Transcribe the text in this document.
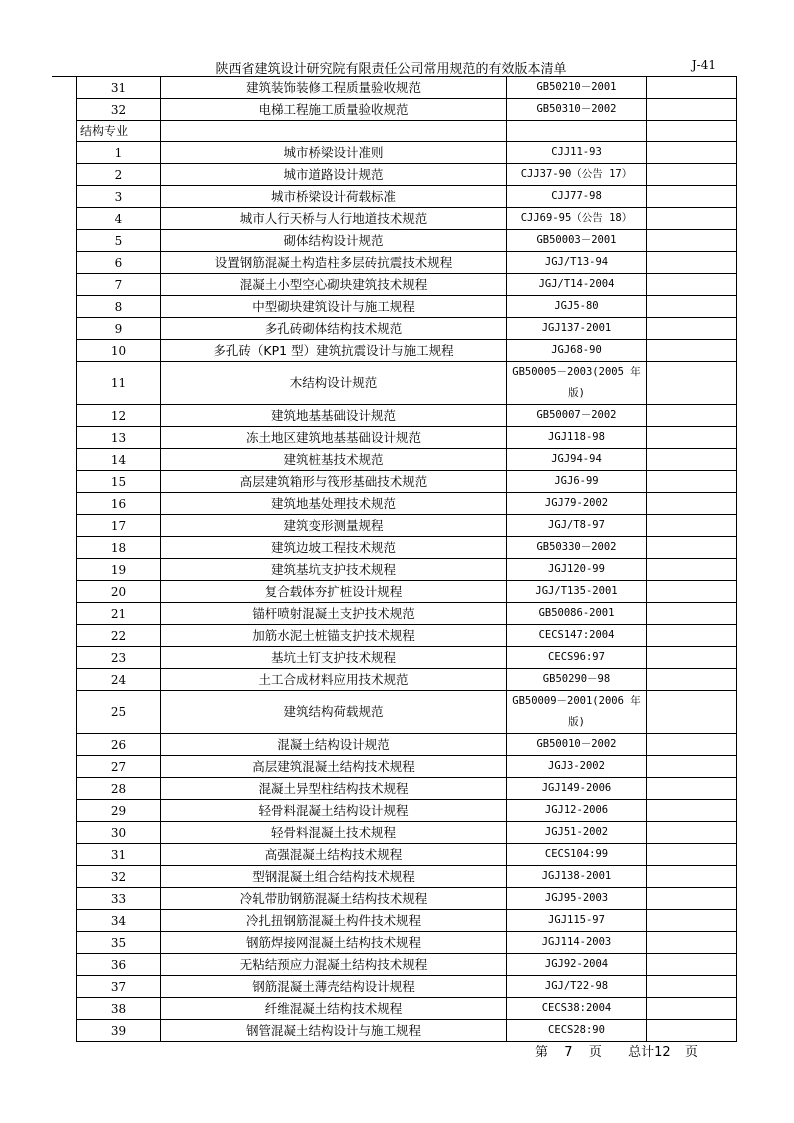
陕西省建筑设计研究院有限责任公司常用规范的有效版本清单	J-41
31	建筑装饰装修工程质量验收规范	GB50210－2001	
32	电梯工程施工质量验收规范	GB50310－2002	
结构专业			
1	城市桥梁设计准则	CJJ11-93	
2	城市道路设计规范	CJJ37-90（公告 17）	
3	城市桥梁设计荷载标准	CJJ77-98	
4	城市人行天桥与人行地道技术规范	CJJ69-95（公告 18）	
5	砌体结构设计规范	GB50003－2001	
6	设置钢筋混凝土构造柱多层砖抗震技术规程	JGJ/T13-94	
7	混凝土小型空心砌块建筑技术规程	JGJ/T14-2004	
8	中型砌块建筑设计与施工规程	JGJ5-80	
9	多孔砖砌体结构技术规范	JGJ137-2001	
10	多孔砖（KP1 型）建筑抗震设计与施工规程	JGJ68-90	
11	木结构设计规范	GB50005－2003(2005 年版)	
12	建筑地基基础设计规范	GB50007－2002	
13	冻土地区建筑地基基础设计规范	JGJ118-98	
14	建筑桩基技术规范	JGJ94-94	
15	高层建筑箱形与筏形基础技术规范	JGJ6-99	
16	建筑地基处理技术规范	JGJ79-2002	
17	建筑变形测量规程	JGJ/T8-97	
18	建筑边坡工程技术规范	GB50330－2002	
19	建筑基坑支护技术规程	JGJ120-99	
20	复合载体夯扩桩设计规程	JGJ/T135-2001	
21	锚杆喷射混凝土支护技术规范	GB50086-2001	
22	加筋水泥土桩锚支护技术规程	CECS147:2004	
23	基坑土钉支护技术规程	CECS96:97	
24	土工合成材料应用技术规范	GB50290－98	
25	建筑结构荷载规范	GB50009－2001(2006 年版)	
26	混凝土结构设计规范	GB50010－2002	
27	高层建筑混凝土结构技术规程	JGJ3-2002	
28	混凝土异型柱结构技术规程	JGJ149-2006	
29	轻骨料混凝土结构设计规程	JGJ12-2006	
30	轻骨料混凝土技术规程	JGJ51-2002	
31	高强混凝土结构技术规程	CECS104:99	
32	型钢混凝土组合结构技术规程	JGJ138-2001	
33	冷轧带肋钢筋混凝土结构技术规程	JGJ95-2003	
34	冷扎扭钢筋混凝土构件技术规程	JGJ115-97	
35	钢筋焊接网混凝土结构技术规程	JGJ114-2003	
36	无粘结预应力混凝土结构技术规程	JGJ92-2004	
37	钢筋混凝土薄壳结构设计规程	JGJ/T22-98	
38	纤维混凝土结构技术规程	CECS38:2004	
39	钢管混凝土结构设计与施工规程	CECS28:90	
第 7 页 总计12 页
